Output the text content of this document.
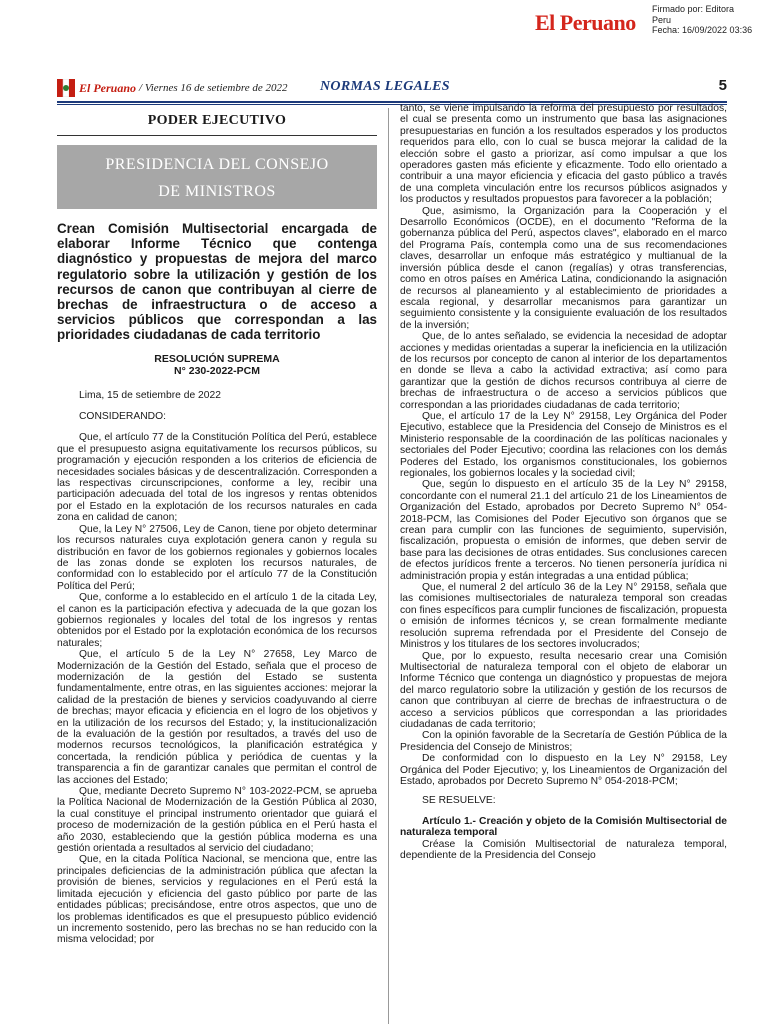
El Peruano
Firmado por: Editora
Peru
Fecha: 16/09/2022 03:36
El Peruano / Viernes 16 de setiembre de 2022 NORMAS LEGALES	5
PODER EJECUTIVO
PRESIDENCIA DEL CONSEJO
DE MINISTROS
Crean Comisión Multisectorial encargada de elaborar Informe Técnico que contenga diagnóstico y propuestas de mejora del marco regulatorio sobre la utilización y gestión de los recursos de canon que contribuyan al cierre de brechas de infraestructura o de acceso a servicios públicos que correspondan a las prioridades ciudadanas de cada territorio
RESOLUCIÓN SUPREMA
N° 230-2022-PCM

Lima, 15 de setiembre de 2022

CONSIDERANDO:

Que, el artículo 77 de la Constitución Política del Perú, establece que el presupuesto asigna equitativamente los recursos públicos, su programación y ejecución responden a los criterios de eficiencia de necesidades sociales básicas y de descentralización. Corresponden a las respectivas circunscripciones, conforme a ley, recibir una participación adecuada del total de los ingresos y rentas obtenidos por el Estado en la explotación de los recursos naturales en cada zona en calidad de canon;

Que, la Ley N° 27506, Ley de Canon, tiene por objeto determinar los recursos naturales cuya explotación genera canon y regula su distribución en favor de los gobiernos regionales y gobiernos locales de las zonas donde se exploten los recursos naturales, de conformidad con lo establecido por el artículo 77 de la Constitución Política del Perú;

Que, conforme a lo establecido en el artículo 1 de la citada Ley, el canon es la participación efectiva y adecuada de la que gozan los gobiernos regionales y locales del total de los ingresos y rentas obtenidos por el Estado por la explotación económica de los recursos naturales;

Que, el artículo 5 de la Ley N° 27658, Ley Marco de Modernización de la Gestión del Estado, señala que el proceso de modernización de la gestión del Estado se sustenta fundamentalmente, entre otras, en las siguientes acciones: mejorar la calidad de la prestación de bienes y servicios coadyuvando al cierre de brechas; mayor eficacia y eficiencia en el logro de los objetivos y en la utilización de los recursos del Estado; y, la institucionalización de la evaluación de la gestión por resultados, a través del uso de modernos recursos tecnológicos, la planificación estratégica y concertada, la rendición pública y periódica de cuentas y la transparencia a fin de garantizar canales que permitan el control de las acciones del Estado;

Que, mediante Decreto Supremo N° 103-2022-PCM, se aprueba la Política Nacional de Modernización de la Gestión Pública al 2030, la cual constituye el principal instrumento orientador que guiará el proceso de modernización de la gestión pública en el Perú hasta el año 2030, estableciendo que la gestión pública moderna es una gestión orientada a resultados al servicio del ciudadano;

Que, en la citada Política Nacional, se menciona que, entre las principales deficiencias de la administración pública que afectan la provisión de bienes, servicios y regulaciones en el Perú está la limitada ejecución y eficiencia del gasto público por parte de las entidades públicas; precisándose, entre otros aspectos, que uno de los problemas identificados es que el presupuesto público evidenció un incremento sostenido, pero las brechas no se han reducido con la misma velocidad; por

tanto, se viene impulsando la reforma del presupuesto por resultados, el cual se presenta como un instrumento que basa las asignaciones presupuestarias en función a los resultados esperados y los productos requeridos para ello, con lo cual se busca mejorar la calidad de la elección sobre el gasto a priorizar, así como impulsar a que los operadores gasten más eficiente y eficazmente. Todo ello orientado a contribuir a una mayor eficiencia y eficacia del gasto público a través de una completa vinculación entre los recursos públicos asignados y los productos y resultados propuestos para favorecer a la población;

Que, asimismo, la Organización para la Cooperación y el Desarrollo Económicos (OCDE), en el documento "Reforma de la gobernanza pública del Perú, aspectos claves", elaborado en el marco del Programa País, contempla como una de sus recomendaciones claves, desarrollar un enfoque más estratégico y multianual de la inversión pública desde el canon (regalías) y otras transferencias, como en otros países en América Latina, condicionando la asignación de recursos al planeamiento y al establecimiento de prioridades a escala regional, y desarrollar mecanismos para garantizar un seguimiento consistente y la consiguiente evaluación de los resultados de la inversión;

Que, de lo antes señalado, se evidencia la necesidad de adoptar acciones y medidas orientadas a superar la ineficiencia en la utilización de los recursos por concepto de canon al interior de los departamentos en donde se lleva a cabo la actividad extractiva; así como para garantizar que la gestión de dichos recursos contribuya al cierre de brechas de infraestructura o de acceso a servicios públicos que correspondan a las prioridades ciudadanas de cada territorio;

Que, el artículo 17 de la Ley N° 29158, Ley Orgánica del Poder Ejecutivo, establece que la Presidencia del Consejo de Ministros es el Ministerio responsable de la coordinación de las políticas nacionales y sectoriales del Poder Ejecutivo; coordina las relaciones con los demás Poderes del Estado, los organismos constitucionales, los gobiernos regionales, los gobiernos locales y la sociedad civil;

Que, según lo dispuesto en el artículo 35 de la Ley N° 29158, concordante con el numeral 21.1 del artículo 21 de los Lineamientos de Organización del Estado, aprobados por Decreto Supremo N° 054-2018-PCM, las Comisiones del Poder Ejecutivo son órganos que se crean para cumplir con las funciones de seguimiento, supervisión, fiscalización, propuesta o emisión de informes, que deben servir de base para las decisiones de otras entidades. Sus conclusiones carecen de efectos jurídicos frente a terceros. No tienen personería jurídica ni administración propia y están integradas a una entidad pública;

Que, el numeral 2 del artículo 36 de la Ley N° 29158, señala que las comisiones multisectoriales de naturaleza temporal son creadas con fines específicos para cumplir funciones de fiscalización, propuesta o emisión de informes técnicos y, se crean formalmente mediante resolución suprema refrendada por el Presidente del Consejo de Ministros y los titulares de los sectores involucrados;

Que, por lo expuesto, resulta necesario crear una Comisión Multisectorial de naturaleza temporal con el objeto de elaborar un Informe Técnico que contenga un diagnóstico y propuestas de mejora del marco regulatorio sobre la utilización y gestión de los recursos de canon que contribuyan al cierre de brechas de infraestructura o de acceso a servicios públicos que correspondan a las prioridades ciudadanas de cada territorio;

Con la opinión favorable de la Secretaría de Gestión Pública de la Presidencia del Consejo de Ministros;

De conformidad con lo dispuesto en la Ley N° 29158, Ley Orgánica del Poder Ejecutivo; y, los Lineamientos de Organización del Estado, aprobados por Decreto Supremo N° 054-2018-PCM;

SE RESUELVE:

Artículo 1.- Creación y objeto de la Comisión Multisectorial de naturaleza temporal

Créase la Comisión Multisectorial de naturaleza temporal, dependiente de la Presidencia del Consejo
